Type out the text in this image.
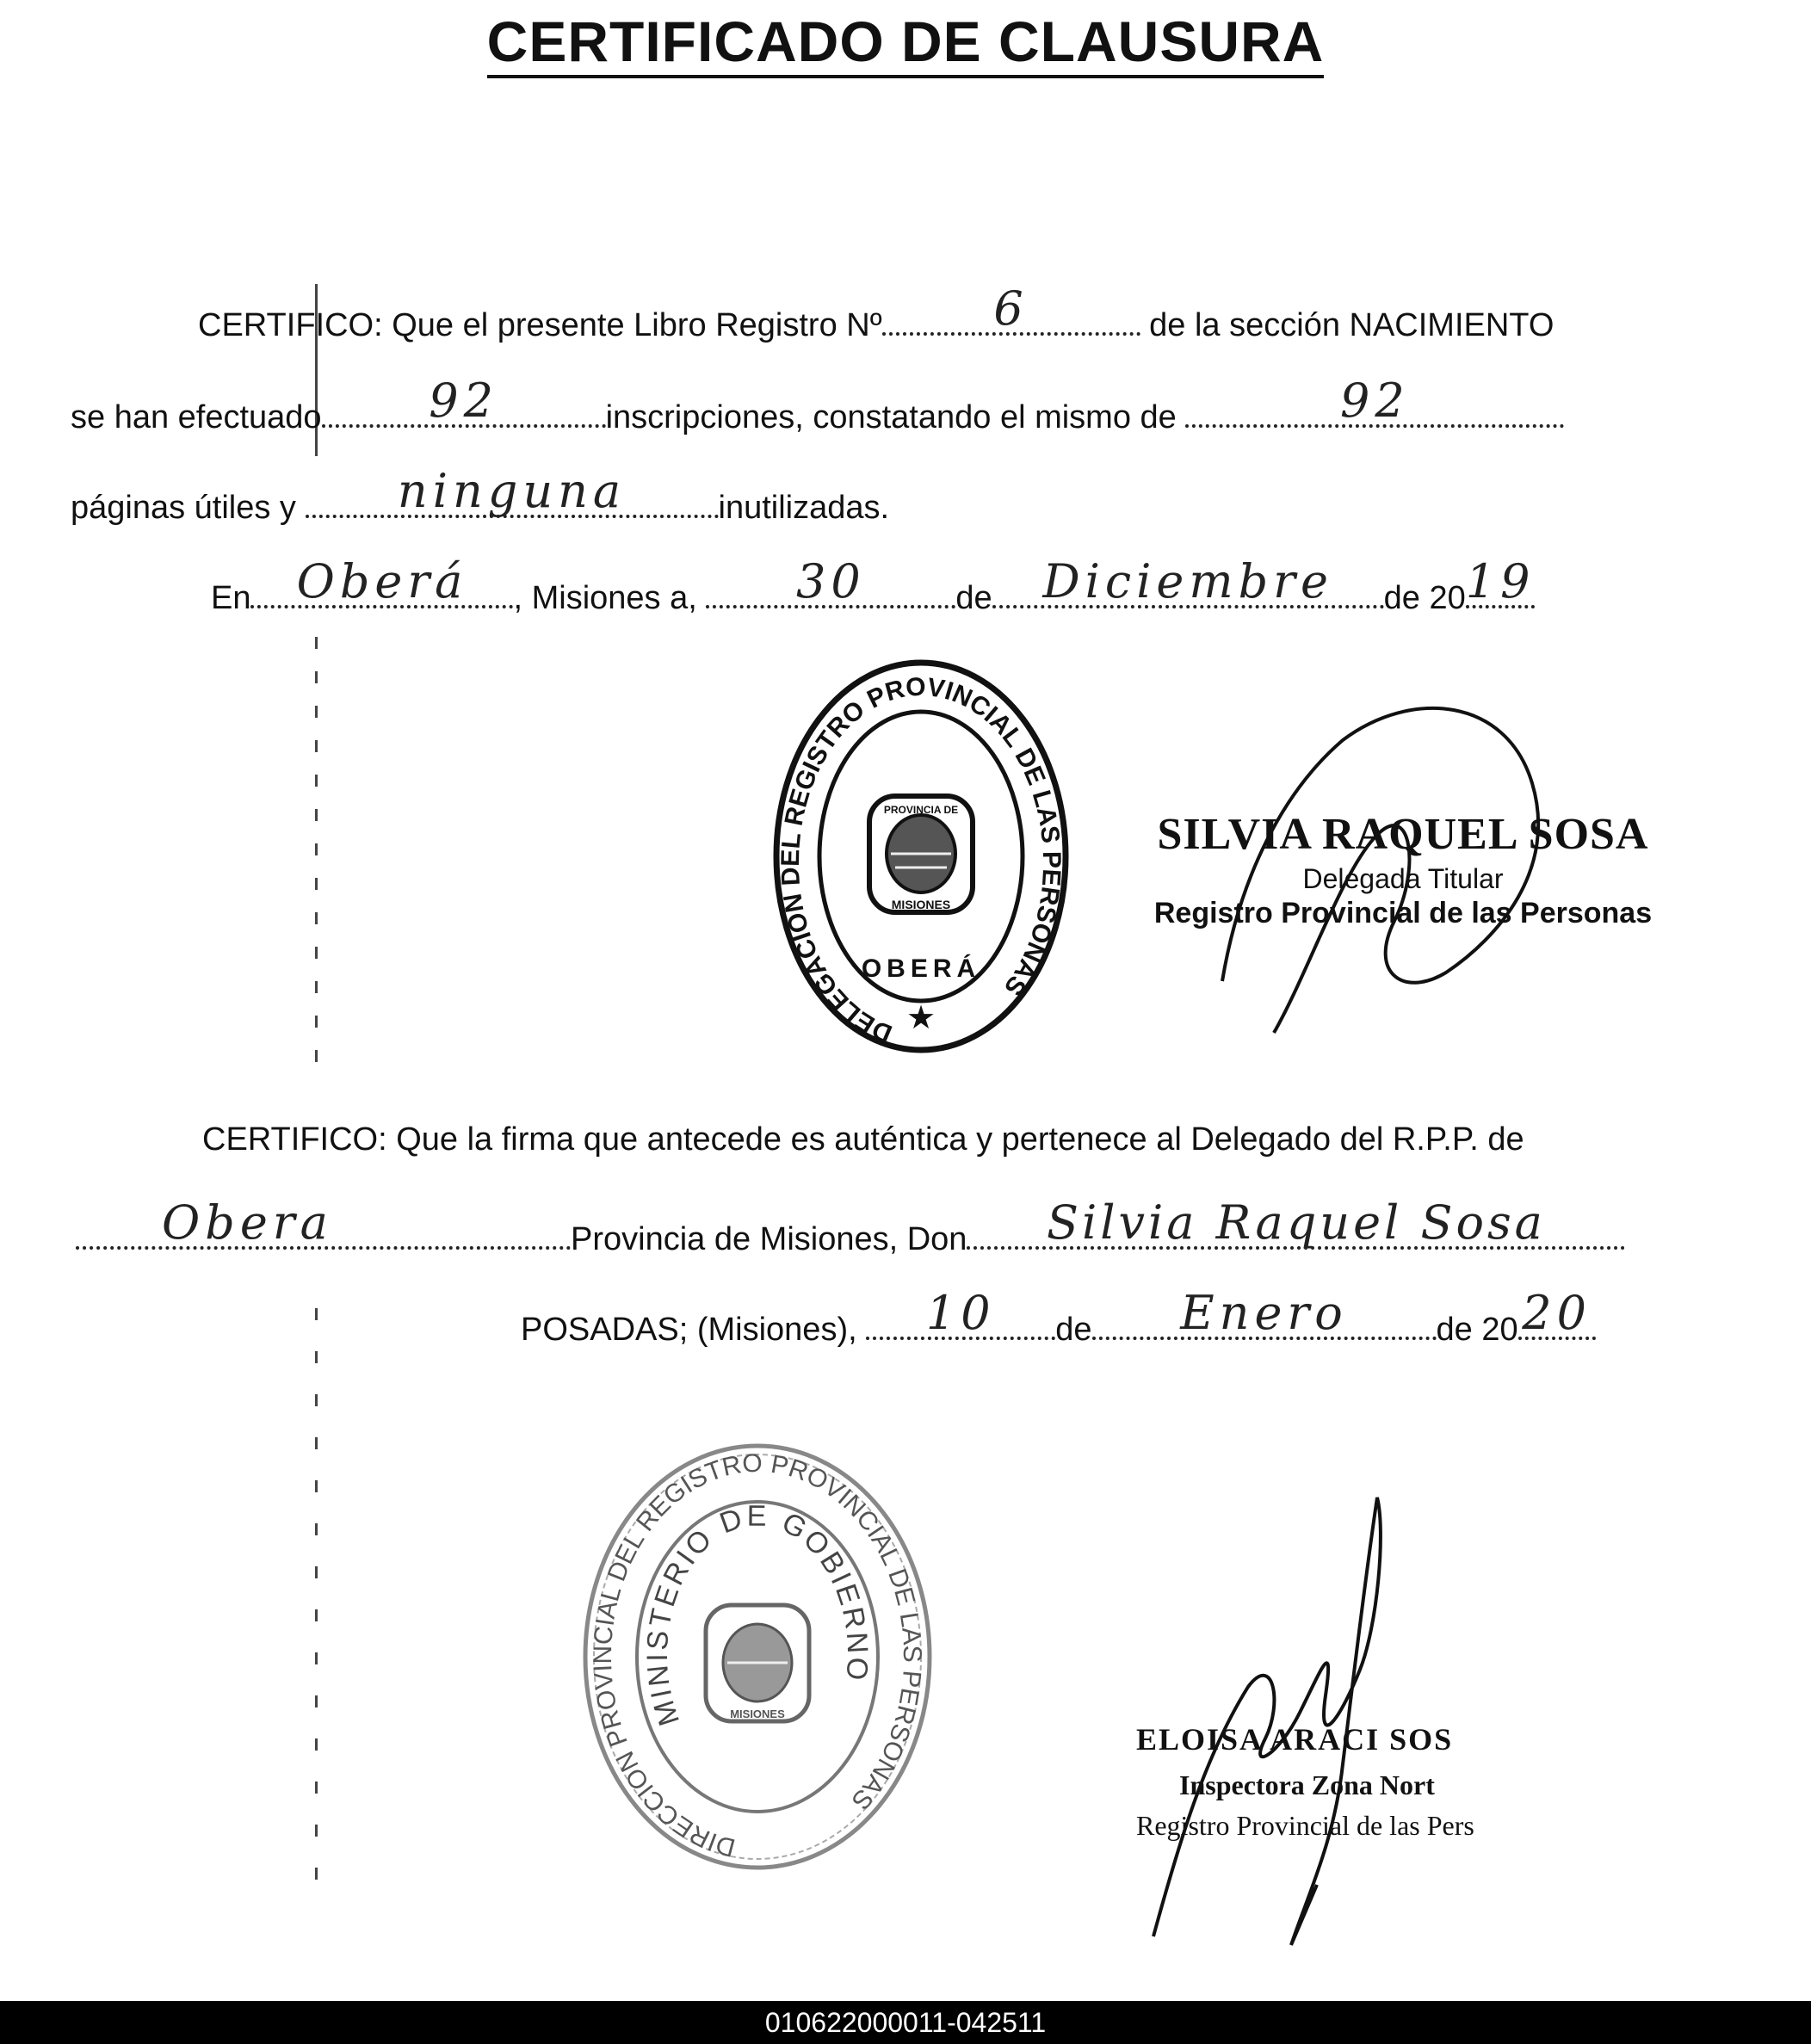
CERTIFICADO DE CLAUSURA
CERTIFICO: Que el presente Libro Registro Nº	6	de la sección NACIMIENTO
se han efectuado	92	inscripciones, constatando el mismo de	92
páginas útiles y	ninguna	inutilizadas.
En Oberá	, Misiones a,	30	de	Diciembre	de 20 19
DELEGACION DEL REGISTRO PROVINCIAL DE LAS PERSONAS
PROVINCIA DE
MISIONES
OBERÁ
★
SILVIA RAQUEL SOSA
Delegada Titular
Registro Provincial de las Personas
CERTIFICO: Que la firma que antecede es auténtica y pertenece al Delegado del R.P.P. de
Obera	Provincia de Misiones, Don	Silvia Raquel Sosa
POSADAS; (Misiones),	10	de	Enero	de 20 20
DIRECCION PROVINCIAL DEL REGISTRO PROVINCIAL DE LAS PERSONAS
MINISTERIO DE GOBIERNO
MISIONES
ELOISA ARACI SOS
Inspectora Zona Nort
Registro Provincial de las Pers
010622000011-042511
